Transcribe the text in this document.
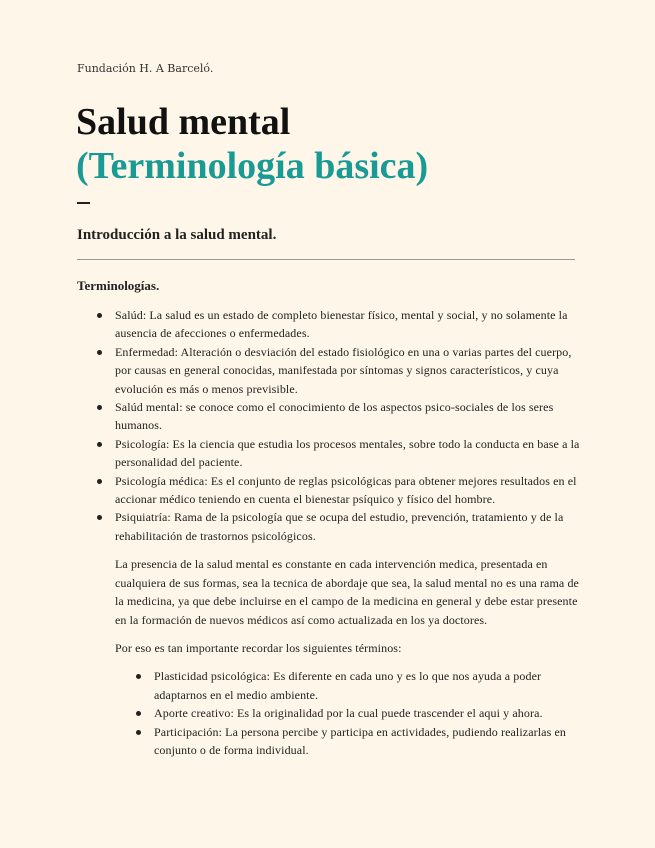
Fundación H. A Barceló.
Salud mental
(Terminología básica)
Introducción a la salud mental.
Terminologías.
Salúd: La salud es un estado de completo bienestar físico, mental y social, y no solamente la ausencia de afecciones o enfermedades.
Enfermedad: Alteración o desviación del estado fisiológico en una o varias partes del cuerpo, por causas en general conocidas, manifestada por síntomas y signos característicos, y cuya evolución es más o menos previsible.
Salúd mental: se conoce como el conocimiento de los aspectos psico-sociales de los seres humanos.
Psicología: Es la ciencia que estudia los procesos mentales, sobre todo la conducta en base a la personalidad del paciente.
Psicología médica: Es el conjunto de reglas psicológicas para obtener mejores resultados en el accionar médico teniendo en cuenta el bienestar psíquico y físico del hombre.
Psiquiatría: Rama de la psicología que se ocupa del estudio, prevención, tratamiento y de la rehabilitación de trastornos psicológicos.

La presencia de la salud mental es constante en cada intervención medica, presentada en cualquiera de sus formas, sea la tecnica de abordaje que sea, la salud mental no es una rama de la medicina, ya que debe incluirse en el campo de la medicina en general y debe estar presente en la formación de nuevos médicos así como actualizada en los ya doctores.

Por eso es tan importante recordar los siguientes términos:

Plasticidad psicológica: Es diferente en cada uno y es lo que nos ayuda a poder adaptarnos en el medio ambiente.
Aporte creativo: Es la originalidad por la cual puede trascender el aqui y ahora.
Participación: La persona percibe y participa en actividades, pudiendo realizarlas en conjunto o de forma individual.
